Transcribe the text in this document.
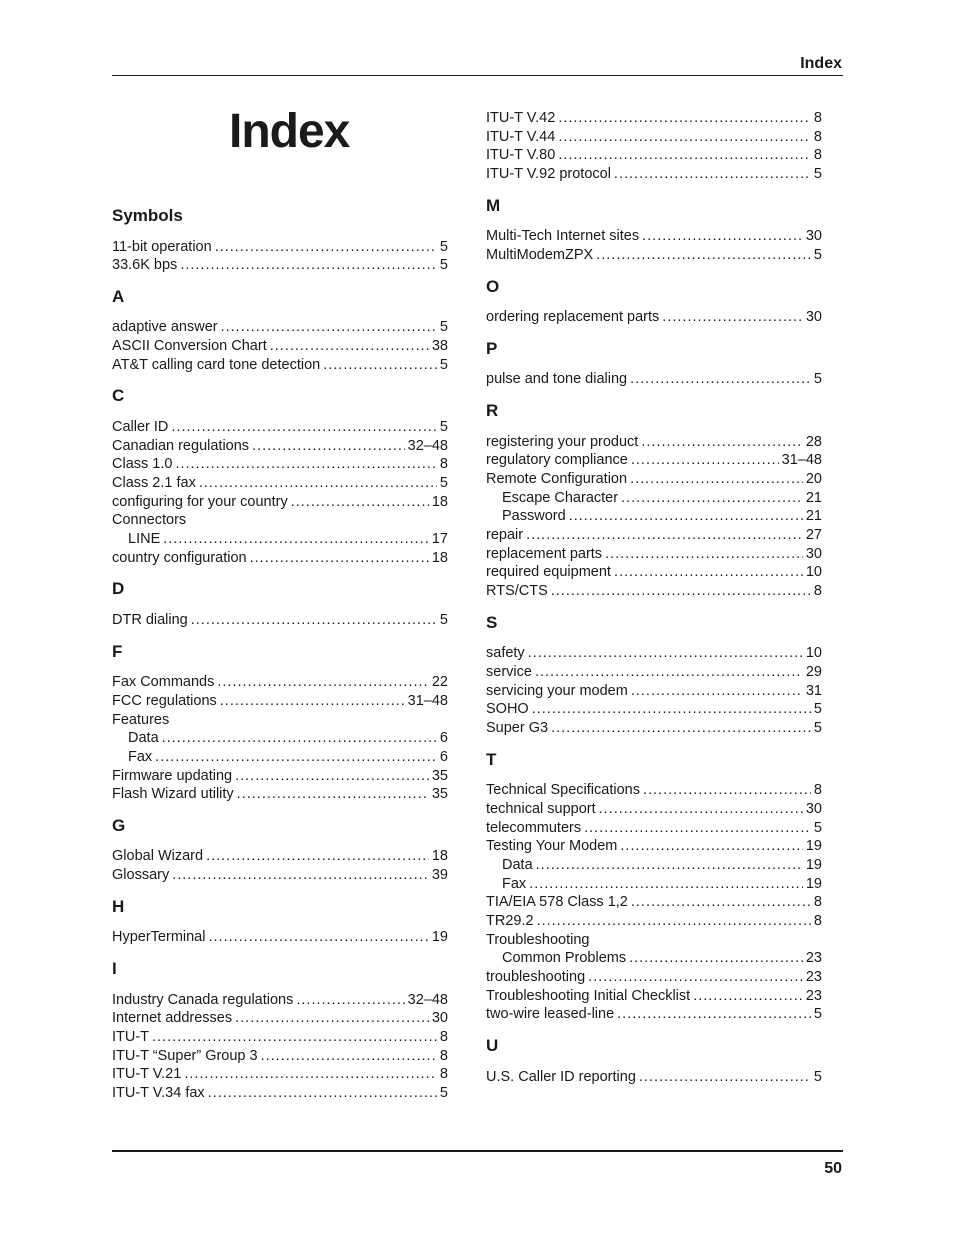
Index
Index
Symbols
11-bit operation .....	5
33.6K bps .....	5
A
adaptive answer .....	5
ASCII Conversion Chart .....	38
AT&T calling card tone detection .....	5
C
Caller ID .....	5
Canadian regulations .....	32–48
Class 1.0 .....	8
Class 2.1 fax .....	5
configuring for your country .....	18
Connectors
LINE .....	17
country configuration .....	18
D
DTR dialing .....	5
F
Fax Commands .....	22
FCC regulations .....	31–48
Features
Data .....	6
Fax .....	6
Firmware updating .....	35
Flash Wizard utility .....	35
G
Global Wizard .....	18
Glossary .....	39
H
HyperTerminal .....	19
I
Industry Canada regulations .....	32–48
Internet addresses .....	30
ITU-T .....	8
ITU-T “Super” Group 3 .....	8
ITU-T V.21 .....	8
ITU-T V.34 fax .....	5
ITU-T V.42 .....	8
ITU-T V.44 .....	8
ITU-T V.80 .....	8
ITU-T V.92 protocol .....	5
M
Multi-Tech Internet sites .....	30
MultiModemZPX .....	5
O
ordering replacement parts .....	30
P
pulse and tone dialing .....	5
R
registering your product .....	28
regulatory compliance .....	31–48
Remote Configuration .....	20
Escape Character .....	21
Password .....	21
repair .....	27
replacement parts .....	30
required equipment .....	10
RTS/CTS .....	8
S
safety .....	10
service .....	29
servicing your modem .....	31
SOHO .....	5
Super G3 .....	5
T
Technical Specifications .....	8
technical support .....	30
telecommuters .....	5
Testing Your Modem .....	19
Data .....	19
Fax .....	19
TIA/EIA 578 Class 1,2 .....	8
TR29.2 .....	8
Troubleshooting
Common Problems .....	23
troubleshooting .....	23
Troubleshooting Initial Checklist .....	23
two-wire leased-line .....	5
U
U.S. Caller ID reporting .....	5
50
